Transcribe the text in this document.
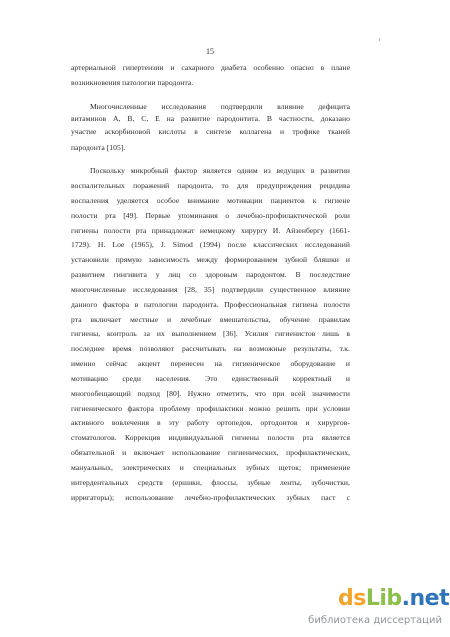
15
артериальной гипертензии и сахарного диабета особенно опасно в плане
возникновения патологии пародонта.
Многочисленные исследования подтвердили влияние дефицита
витаминов А, В, С, Е на развитие пародонтита. В частности, доказано
участие аскорбиновой кислоты в синтезе коллагена и трофике тканей
пародонта [105].
Поскольку микробный фактор является одним из ведущих в развитии
воспалительных поражений пародонта, то для предупреждения рецидива
воспаления уделяется особое внимание мотивации пациентов к гигиене
полости рта [49]. Первые упоминания о лечебно-профилактической роли
гигиены полости рта принадлежат немецкому хирургу И. Айзенбергу (1661-
1729). Н. Loe (1965), J. Simod (1994) после классических исследований
установили прямую зависимость между формированием зубной бляшки и
развитием гингивита у лиц со здоровым пародонтом. В последствие
многочисленные исследования [28, 35] подтвердили существенное влияние
данного фактора в патологии пародонта. Профессиональная гигиена полости
рта включает местные и лечебные вмешательства, обучение правилам
гигиены, контроль за их выполнением [36]. Усилия гигиенистов лишь в
последнее время позволяют рассчитывать на возможные результаты, т.к.
именно сейчас акцент перенесен на гигиеническое оборудование и
мотивацию среди населения. Это единственный корректный и
многообещающий подход [80]. Нужно отметить, что при всей значимости
гигиенического фактора проблему профилактики можно решить при условии
активного вовлечения в эту работу ортопедов, ортодонтов и хирургов-
стоматологов. Коррекция индивидуальной гигиены полости рта является
обязательной и включает использование гигиенических, профилактических,
мануальных, электрических и специальных зубных щеток; применение
интердентальных средств (ершики, флоссы, зубные ленты, зубочистки,
ирригаторы); использование лечебно-профилактических зубных паст с
dsLib.net
библиотека диссертаций
